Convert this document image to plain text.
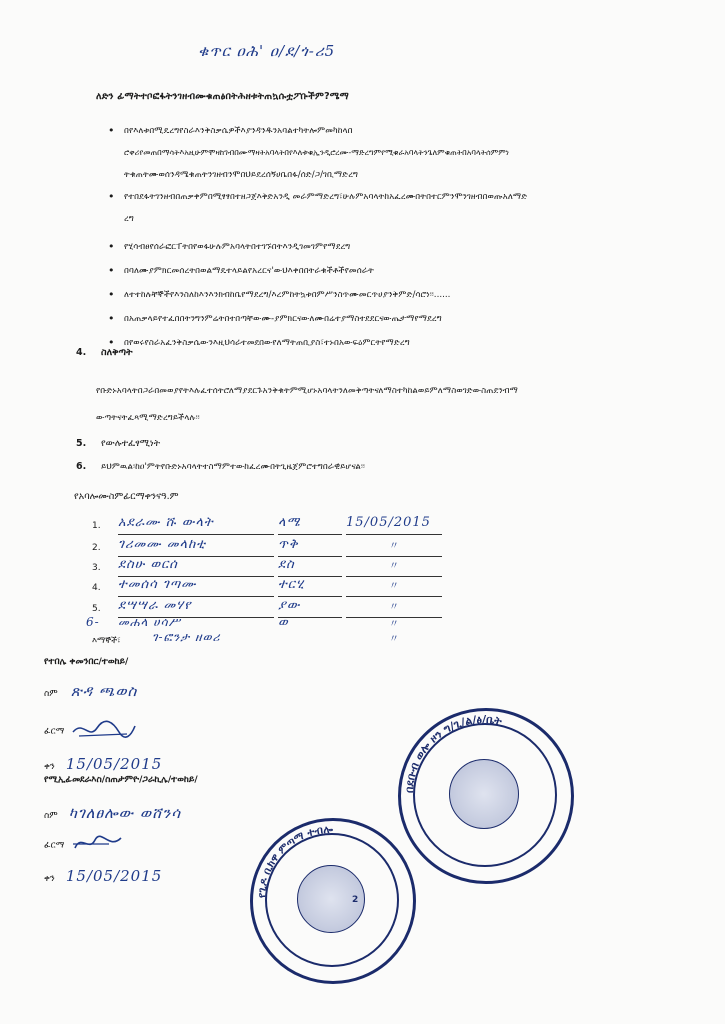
ቁጥር ዐሕ' ዐ/ደ/ጎ-ሪ5
ለድን ፊማትተቦፎፋትንገዘብሙቁጠፅበትሕዘቱትጠኳሱቷፖቡችም?ሜማ
• በየእለቱበሚዴረግየስራእንቅስቃሴዎችእያንዳንዱንአባልተካትሎምመካከላበ
ሮቀሪየመጠበማሳትእአዚሁምሞዛከገብበሙማዛትአባላትበየእለቱቁኢንዲሮረሙ-ማድረግምየሚቁራአባላትንጌለምቁጠትበአባላትሰምምነ
ትቁጠትሙወሰንዳሜቁጠትንገዘብንሞበህይደረሰኝሀቤበፋ/ሰድ/ጋ/ገቢማድረግ
• የተበደፋትገንዘብበጠቃቀምበሚፃፃበተዘጋጀእቅድአንዲ መራምማድረግ፣ሁሉምአባላትከአፈረሙበትበተርምንሞንገዘብበወጡአለማድ
ረግ
• የሂሳብፀየሰራፎርፐትበየወፋሁሉምአባላትበተገኙበትእንዲገመገምየማደረግ
• በባለሙያምክርመሰረትበወልማዴተላይልየአረርና'ውህእቀበበትራቁችቶችየመሰራት
• ለተተከሉቸኞችየእንስለከእንእንክብከቤየማደረግ/እረምከትኳቱበምሥንስጥሙመርጥሀያንቅምድ/ሳሮነ፡፡......
• በአጠቃላይየተፈበበትንግንምሬትበተበጣቸውሙ-ያምክርናውለሙበሬተያማስተደደርናውጤታማየማደረግ
• በየወሩየስራአፈንቅስቃሴውንእዚህሳራተመደበውየለማትጠቢያስ፣ተኑበአውፍዕምርትየማድረግ
4. ስለቅጣት
የቡድኑአባላትበጋራበመወያየትእሉፈተሰትሮለማያደርጉአንቅቁትምሚሆኑአባላትንለመቅጣትናለማስተካከልወይምለማስወገድውስጠደንብማ
ውጣትናትፈጻሚማድረግይችላሉ፡፡
5. የውሉተፈፃሚነት
6. ይህምዉል፡ከዐ'ምትየቡድኑአባላትተስማምተውከፈረሙበትጊዜጀምሮተግበራዊይሆናል፡፡
የአባሎሙስምፊርማቀንናዓ.ም
1. አደራሙ ሹ ውላት	ላሜ	15/05/2015
2. ገሪመሙ መላከቲ	ጥቅ	〃
3. ደስሁ ወርሰ	ደስ	〃
4. ተመሰሳ ገጣሙ	ተርሂ	〃
5. ደሣሣራ መሃየ	ያው	〃
6- መሐላ ሀሳሥ	ወ	〃
እማኞች፣	ገ-ፎንታ ዘወሪ	〃
የተበሌ ቀመንበር/ተወከይ/
ስም ጽዳ ጫወስ
ፊርማ
ቀን 15/05/2015
የሚኢፊመደራእስ/ስጠታምዮ/ጋራኪሌ/ተወከይ/
ስም ካገለፀሎው ወሸንሳ
ፊርማ
ቀን 15/05/2015
በደቡብ ወሎ ዞን ግ/ጊ/ል/ፅ/ቤት
የጊዶ ቢክዋ ምጣማ ተብሎ
2
